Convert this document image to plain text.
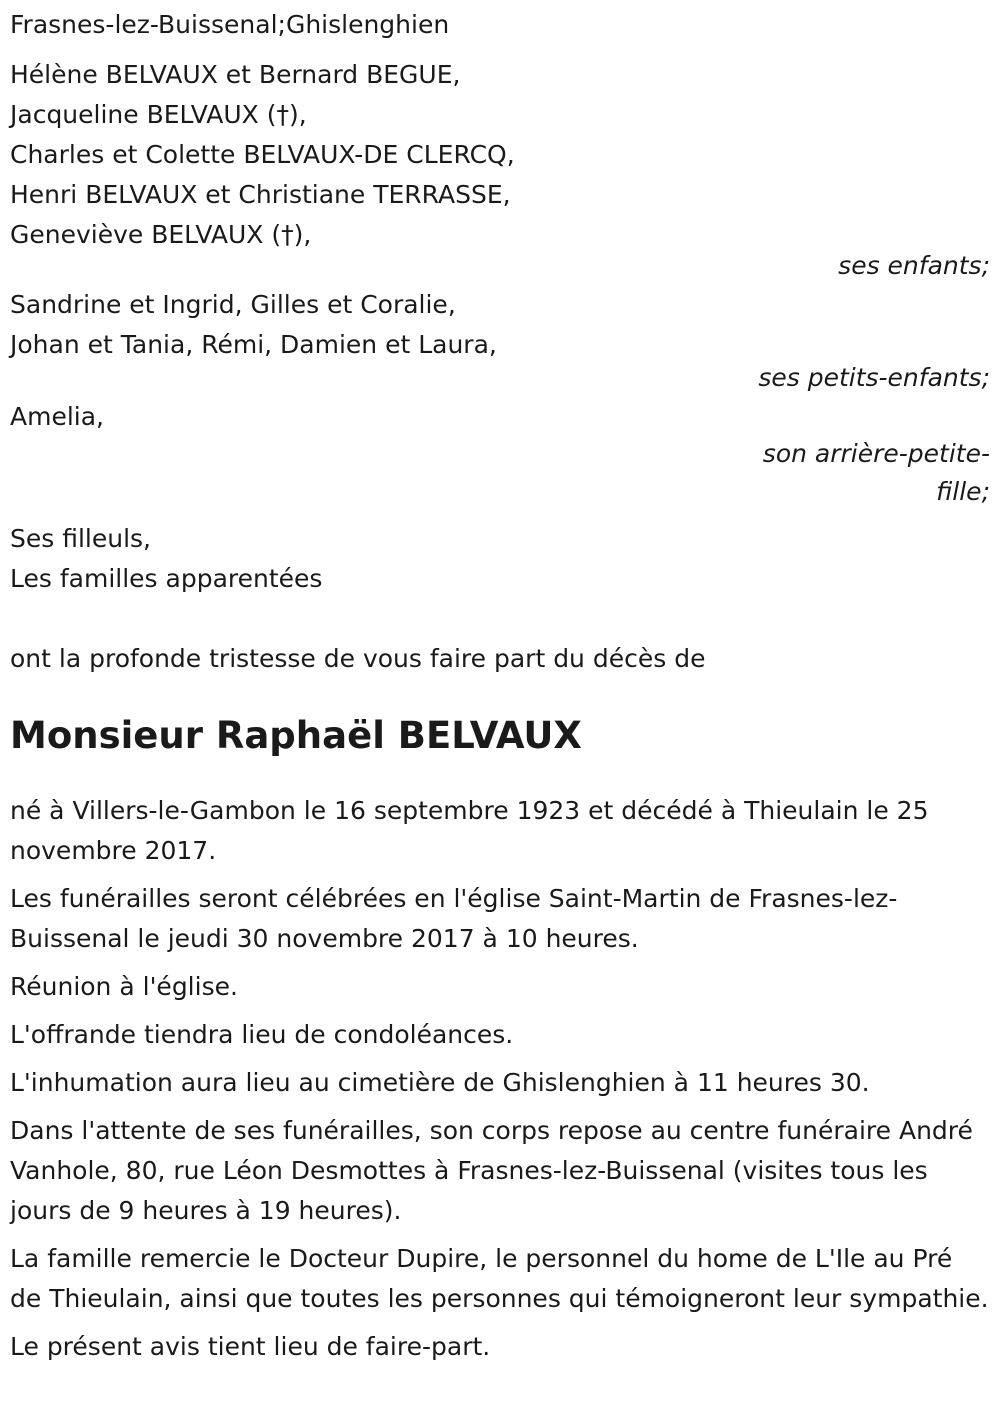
Frasnes-lez-Buissenal;Ghislenghien
Hélène BELVAUX et Bernard BEGUE,
Jacqueline BELVAUX (†),
Charles et Colette BELVAUX-DE CLERCQ,
Henri BELVAUX et Christiane TERRASSE,
Geneviève BELVAUX (†),
ses enfants;
Sandrine et Ingrid, Gilles et Coralie,
Johan et Tania, Rémi, Damien et Laura,
ses petits-enfants;
Amelia,
son arrière-petite-
fille;
Ses filleuls,
Les familles apparentées
ont la profonde tristesse de vous faire part du décès de
Monsieur Raphaël BELVAUX
né à Villers-le-Gambon le 16 septembre 1923 et décédé à Thieulain le 25 novembre 2017.
Les funérailles seront célébrées en l'église Saint-Martin de Frasnes-lez-Buissenal le jeudi 30 novembre 2017 à 10 heures.
Réunion à l'église.
L'offrande tiendra lieu de condoléances.
L'inhumation aura lieu au cimetière de Ghislenghien à 11 heures 30.
Dans l'attente de ses funérailles, son corps repose au centre funéraire André Vanhole, 80, rue Léon Desmottes à Frasnes-lez-Buissenal (visites tous les jours de 9 heures à 19 heures).
La famille remercie le Docteur Dupire, le personnel du home de L'Ile au Pré de Thieulain, ainsi que toutes les personnes qui témoigneront leur sympathie.
Le présent avis tient lieu de faire-part.
